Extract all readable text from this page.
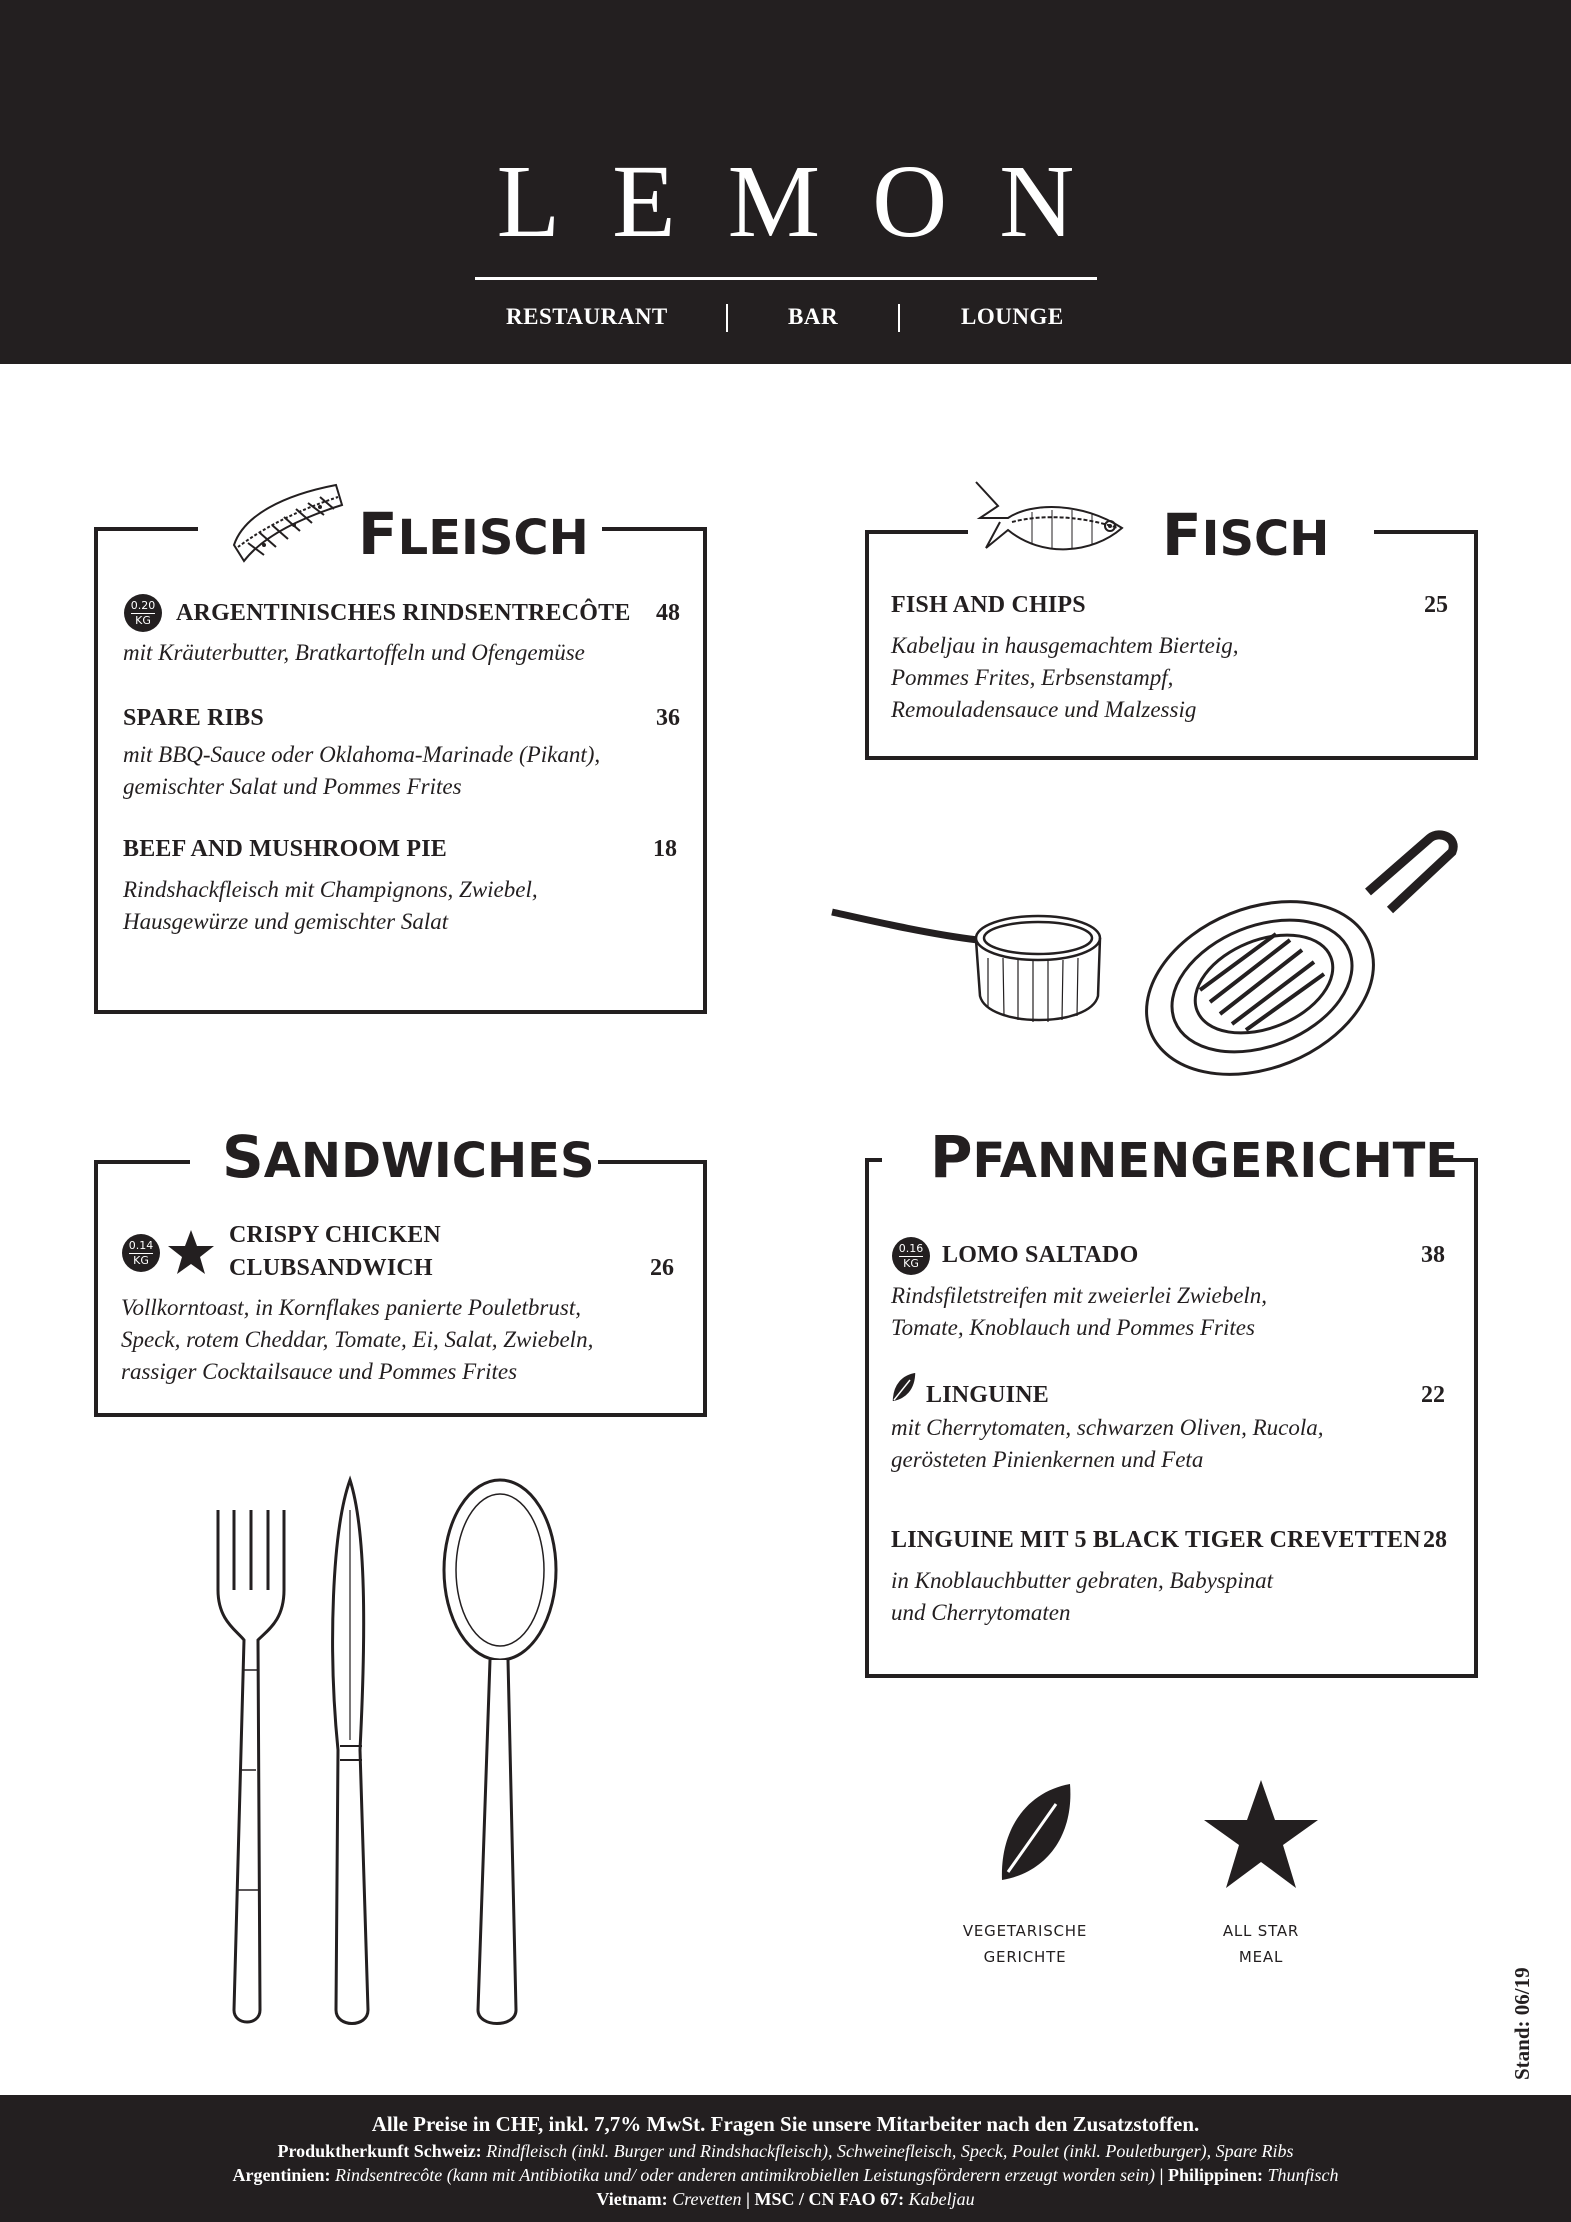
LEMON
RESTAURANT	BAR	LOUNGE
FLEISCH
0.20
KG	ARGENTINISCHES RINDSENTRECÔTE 48
mit Kräuterbutter, Bratkartoffeln und Ofengemüse
SPARE RIBS	36
mit BBQ-Sauce oder Oklahoma-Marinade (Pikant),
gemischter Salat und Pommes Frites
BEEF AND MUSHROOM PIE	18
Rindshackfleisch mit Champignons, Zwiebel,
Hausgewürze und gemischter Salat
FISCH
FISH AND CHIPS	25
Kabeljau in hausgemachtem Bierteig,
Pommes Frites, Erbsenstampf,
Remouladensauce und Malzessig
SANDWICHES
0.14
KG
CRISPY CHICKEN
CLUBSANDWICH	26
Vollkorntoast, in Kornflakes panierte Pouletbrust,
Speck, rotem Cheddar, Tomate, Ei, Salat, Zwiebeln,
rassiger Cocktailsauce und Pommes Frites
PFANNENGERICHTE
0.16
KG LOMO SALTADO	38
Rindsfiletstreifen mit zweierlei Zwiebeln,
Tomate, Knoblauch und Pommes Frites
LINGUINE	22
mit Cherrytomaten, schwarzen Oliven, Rucola,
gerösteten Pinienkernen und Feta
LINGUINE MIT 5 BLACK TIGER CREVETTEN 28
in Knoblauchbutter gebraten, Babyspinat
und Cherrytomaten
VEGETARISCHE
GERICHTE
ALL STAR
MEAL
Stand: 06/19
Alle Preise in CHF, inkl. 7,7% MwSt. Fragen Sie unsere Mitarbeiter nach den Zusatzstoffen.
Produktherkunft Schweiz: Rindfleisch (inkl. Burger und Rindshackfleisch), Schweinefleisch, Speck, Poulet (inkl. Pouletburger), Spare Ribs
Argentinien: Rindsentrecôte (kann mit Antibiotika und/ oder anderen antimikrobiellen Leistungsförderern erzeugt worden sein) | Philippinen: Thunfisch
Vietnam: Crevetten | MSC / CN FAO 67: Kabeljau
